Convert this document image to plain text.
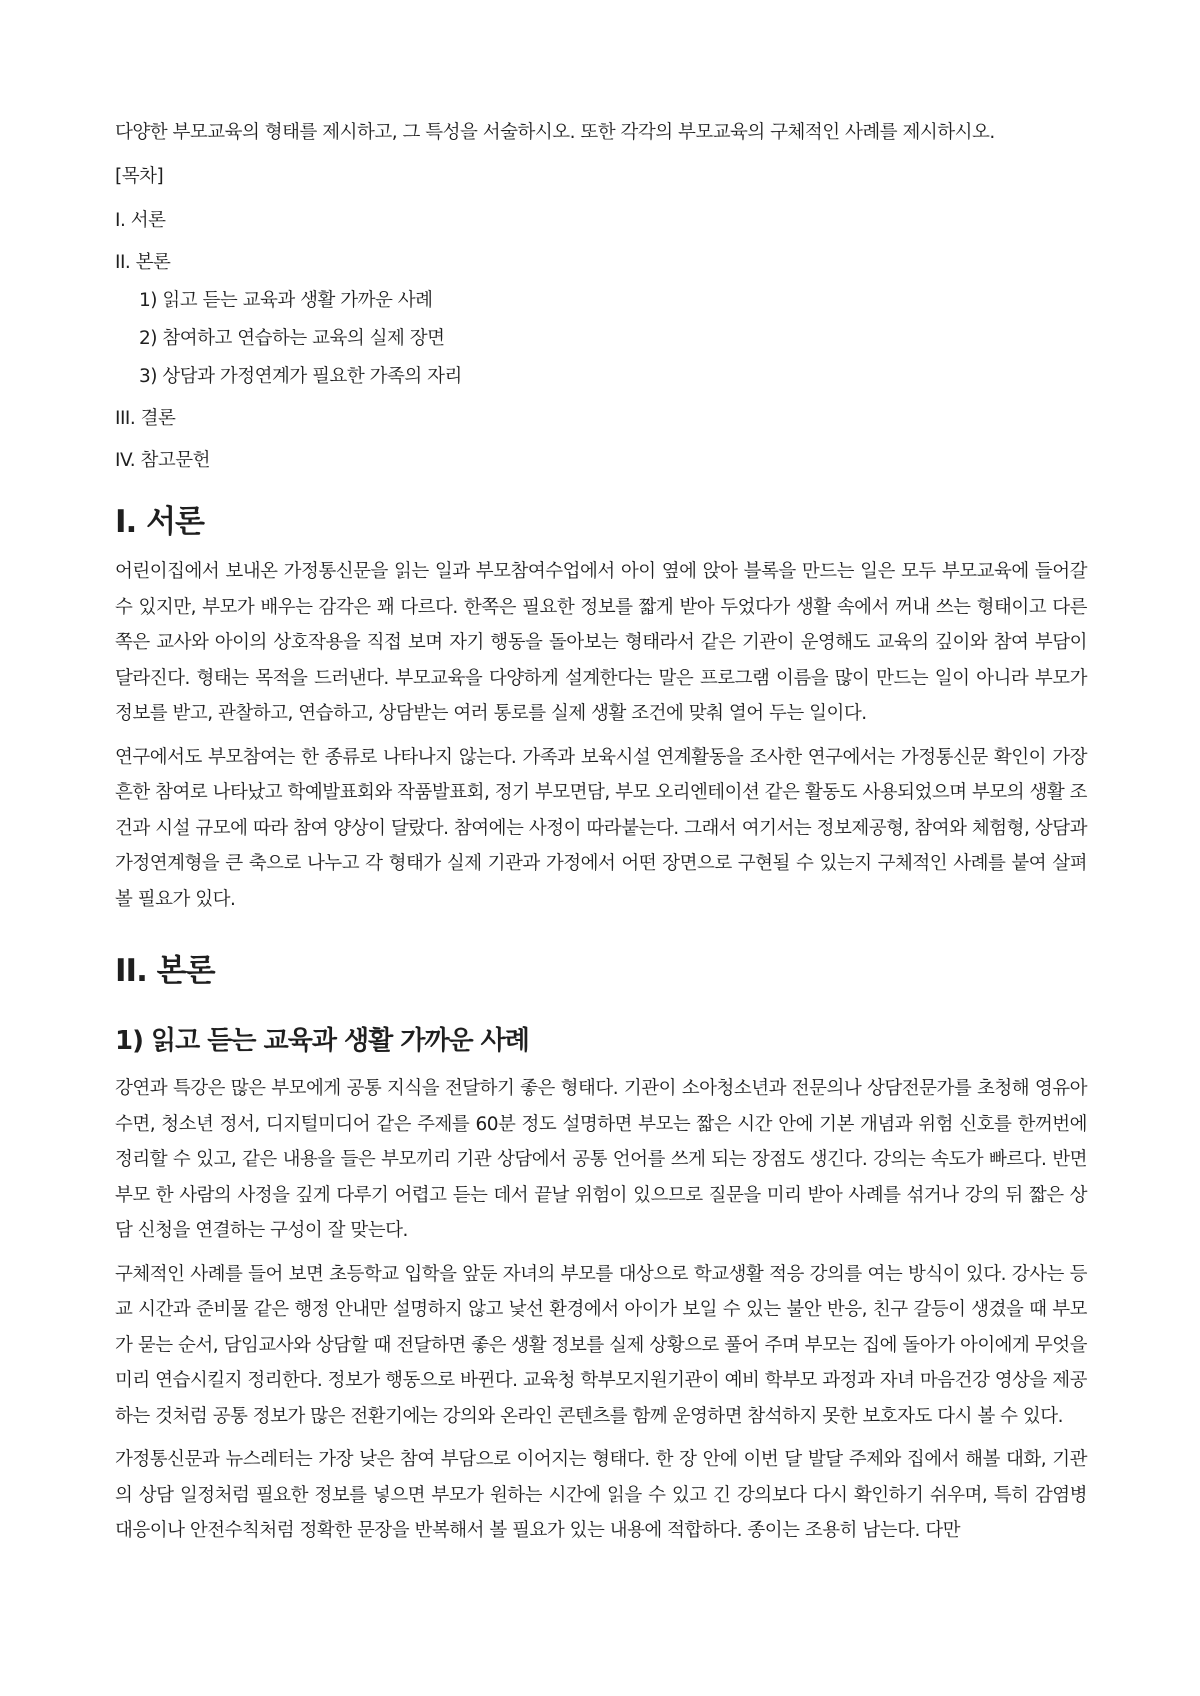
다양한 부모교육의 형태를 제시하고, 그 특성을 서술하시오. 또한 각각의 부모교육의 구체적인 사례를 제시하시오.

[목차]
I. 서론
II. 본론
1) 읽고 듣는 교육과 생활 가까운 사례
2) 참여하고 연습하는 교육의 실제 장면
3) 상담과 가정연계가 필요한 가족의 자리
III. 결론
IV. 참고문헌
I. 서론

어린이집에서 보내온 가정통신문을 읽는 일과 부모참여수업에서 아이 옆에 앉아 블록을 만드는 일은 모두 부모교육에 들어갈 수 있지만, 부모가 배우는 감각은 꽤 다르다. 한쪽은 필요한 정보를 짧게 받아 두었다가 생활 속에서 꺼내 쓰는 형태이고 다른 쪽은 교사와 아이의 상호작용을 직접 보며 자기 행동을 돌아보는 형태라서 같은 기관이 운영해도 교육의 깊이와 참여 부담이 달라진다. 형태는 목적을 드러낸다. 부모교육을 다양하게 설계한다는 말은 프로그램 이름을 많이 만드는 일이 아니라 부모가 정보를 받고, 관찰하고, 연습하고, 상담받는 여러 통로를 실제 생활 조건에 맞춰 열어 두는 일이다.

연구에서도 부모참여는 한 종류로 나타나지 않는다. 가족과 보육시설 연계활동을 조사한 연구에서는 가정통신문 확인이 가장 흔한 참여로 나타났고 학예발표회와 작품발표회, 정기 부모면담, 부모 오리엔테이션 같은 활동도 사용되었으며 부모의 생활 조건과 시설 규모에 따라 참여 양상이 달랐다. 참여에는 사정이 따라붙는다. 그래서 여기서는 정보제공형, 참여와 체험형, 상담과 가정연계형을 큰 축으로 나누고 각 형태가 실제 기관과 가정에서 어떤 장면으로 구현될 수 있는지 구체적인 사례를 붙여 살펴볼 필요가 있다.

II. 본론
1) 읽고 듣는 교육과 생활 가까운 사례

강연과 특강은 많은 부모에게 공통 지식을 전달하기 좋은 형태다. 기관이 소아청소년과 전문의나 상담전문가를 초청해 영유아 수면, 청소년 정서, 디지털미디어 같은 주제를 60분 정도 설명하면 부모는 짧은 시간 안에 기본 개념과 위험 신호를 한꺼번에 정리할 수 있고, 같은 내용을 들은 부모끼리 기관 상담에서 공통 언어를 쓰게 되는 장점도 생긴다. 강의는 속도가 빠르다. 반면 부모 한 사람의 사정을 깊게 다루기 어렵고 듣는 데서 끝날 위험이 있으므로 질문을 미리 받아 사례를 섞거나 강의 뒤 짧은 상담 신청을 연결하는 구성이 잘 맞는다.

구체적인 사례를 들어 보면 초등학교 입학을 앞둔 자녀의 부모를 대상으로 학교생활 적응 강의를 여는 방식이 있다. 강사는 등교 시간과 준비물 같은 행정 안내만 설명하지 않고 낯선 환경에서 아이가 보일 수 있는 불안 반응, 친구 갈등이 생겼을 때 부모가 묻는 순서, 담임교사와 상담할 때 전달하면 좋은 생활 정보를 실제 상황으로 풀어 주며 부모는 집에 돌아가 아이에게 무엇을 미리 연습시킬지 정리한다. 정보가 행동으로 바뀐다. 교육청 학부모지원기관이 예비 학부모 과정과 자녀 마음건강 영상을 제공하는 것처럼 공통 정보가 많은 전환기에는 강의와 온라인 콘텐츠를 함께 운영하면 참석하지 못한 보호자도 다시 볼 수 있다.

가정통신문과 뉴스레터는 가장 낮은 참여 부담으로 이어지는 형태다. 한 장 안에 이번 달 발달 주제와 집에서 해볼 대화, 기관의 상담 일정처럼 필요한 정보를 넣으면 부모가 원하는 시간에 읽을 수 있고 긴 강의보다 다시 확인하기 쉬우며, 특히 감염병 대응이나 안전수칙처럼 정확한 문장을 반복해서 볼 필요가 있는 내용에 적합하다. 종이는 조용히 남는다. 다만
